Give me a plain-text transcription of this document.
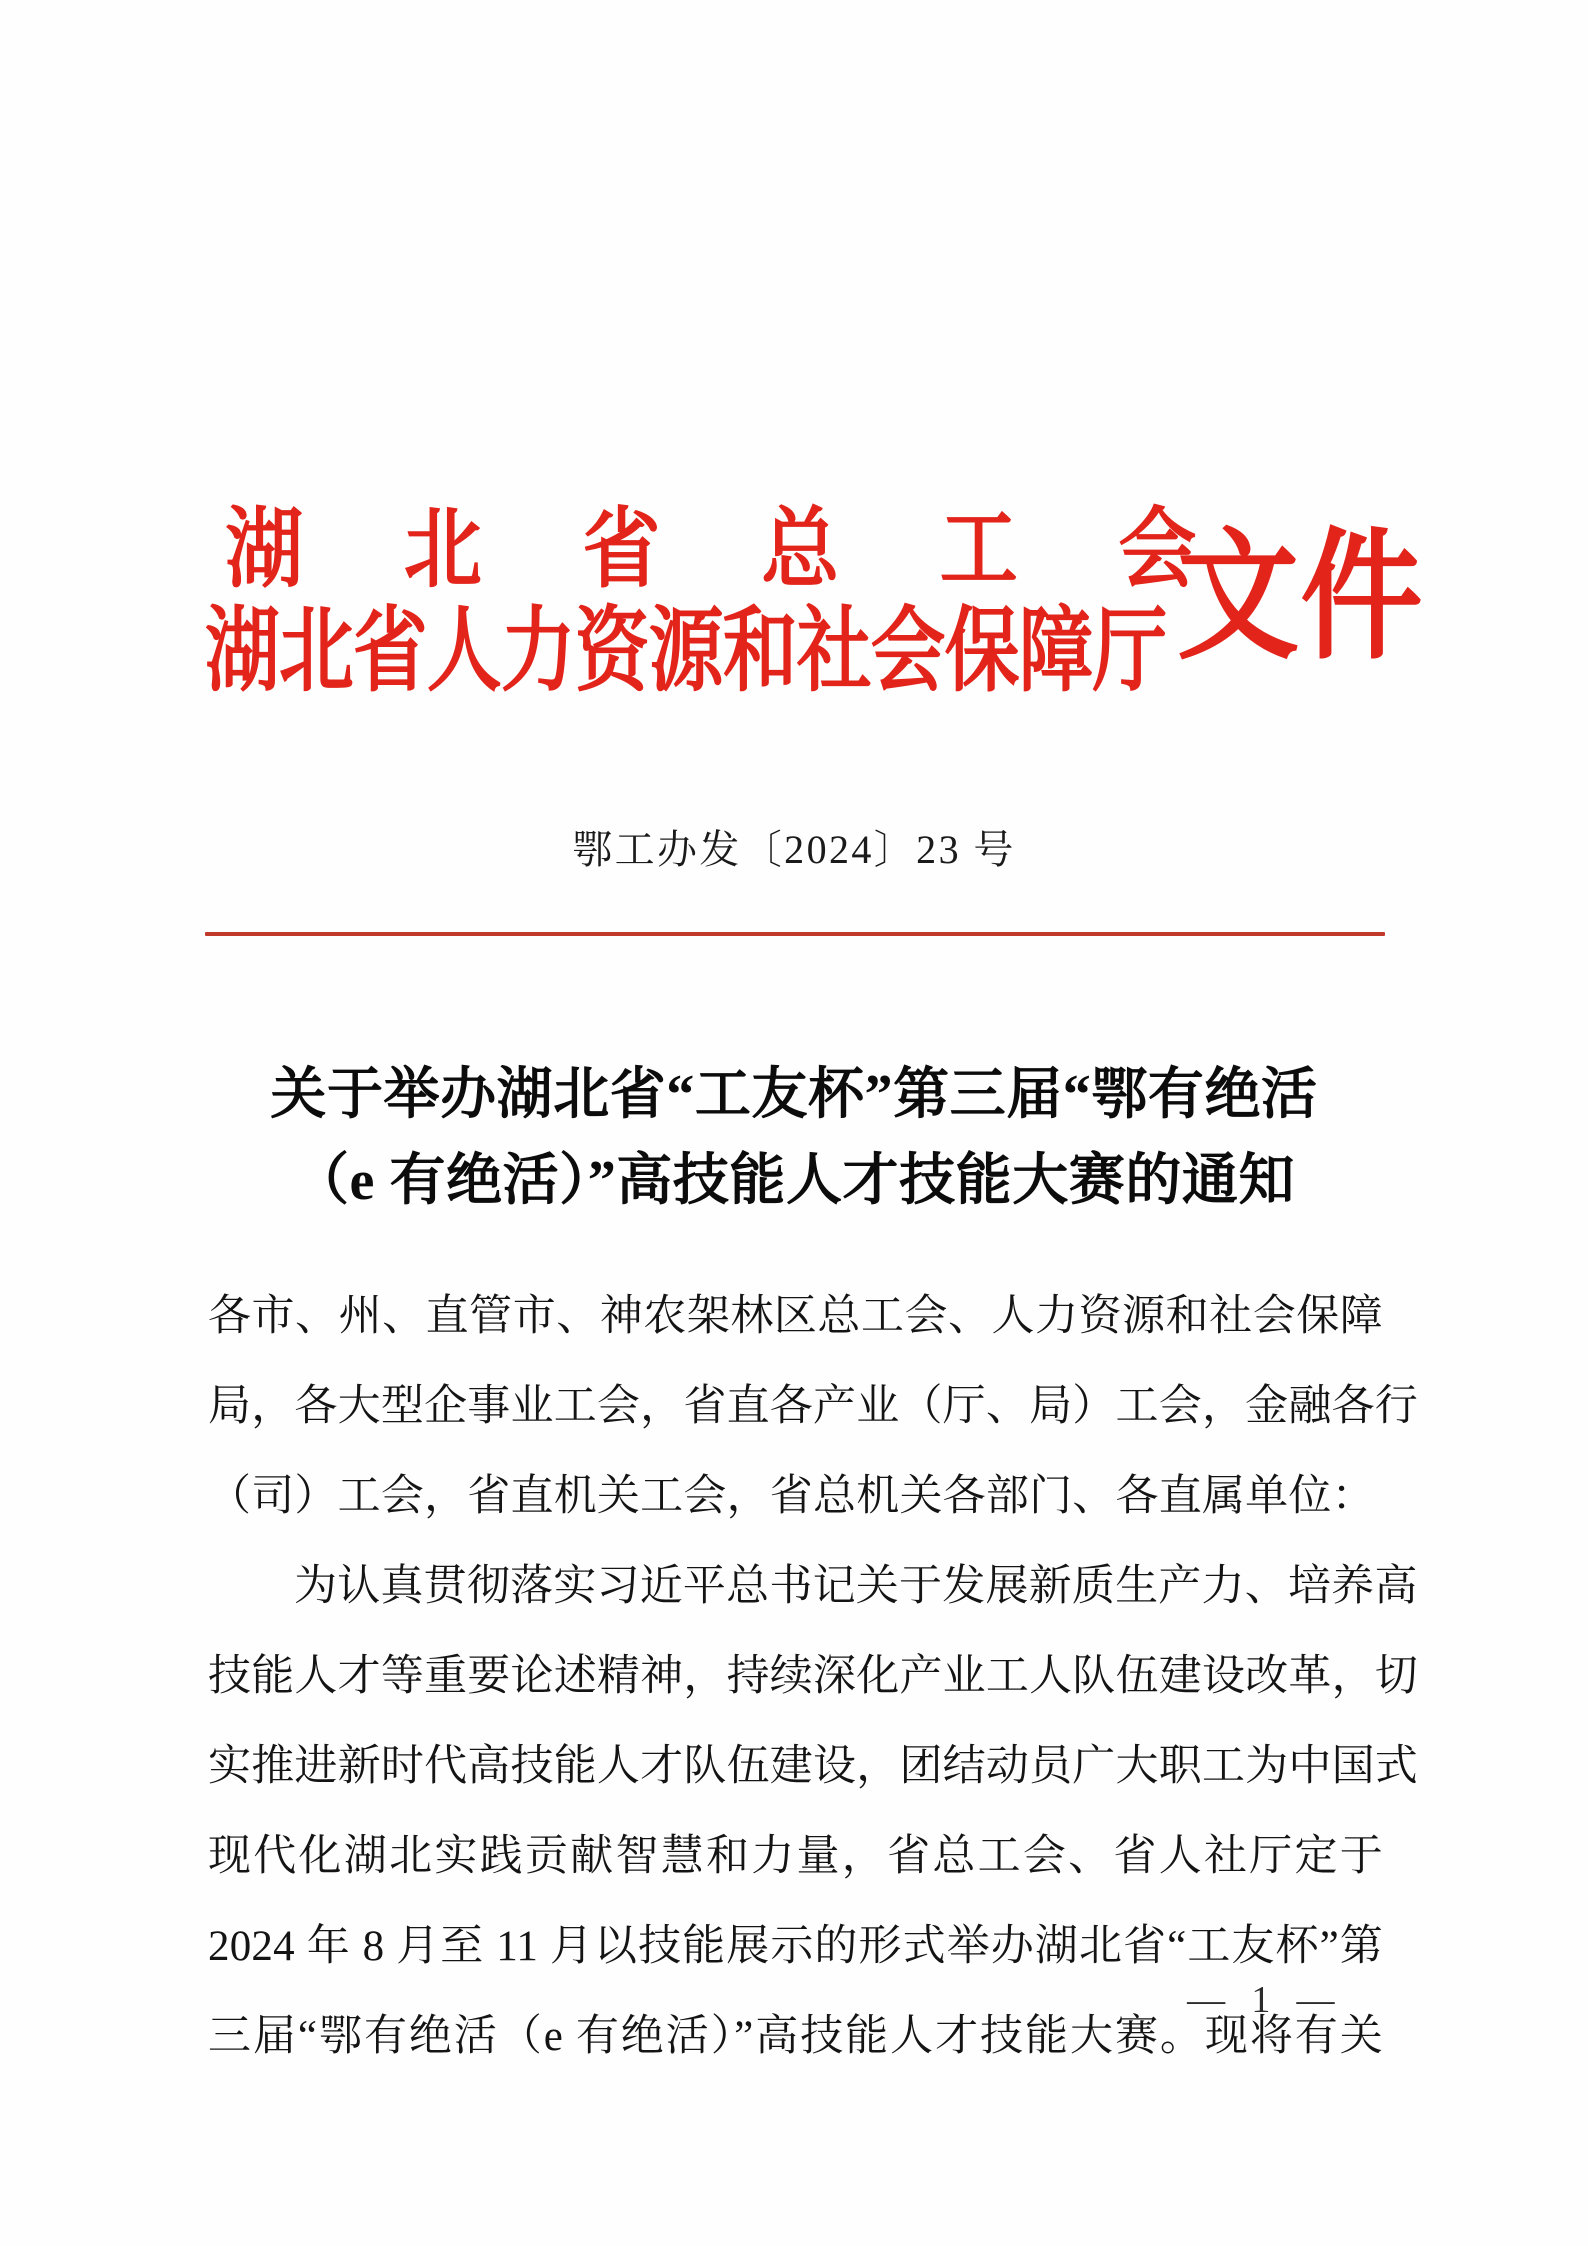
湖 北 省 总 工 会
湖北省人力资源和社会保障厅 文件
鄂工办发〔2024〕23 号
关于举办湖北省“工友杯”第三届“鄂有绝活
（e 有绝活）”高技能人才技能大赛的通知
各市、州、直管市、神农架林区总工会、人力资源和社会保障
局，各大型企事业工会，省直各产业（厅、局）工会，金融各行
（司）工会，省直机关工会，省总机关各部门、各直属单位：
为认真贯彻落实习近平总书记关于发展新质生产力、培养高
技能人才等重要论述精神，持续深化产业工人队伍建设改革，切
实推进新时代高技能人才队伍建设，团结动员广大职工为中国式
现代化湖北实践贡献智慧和力量，省总工会、省人社厅定于
2024 年 8 月至 11 月以技能展示的形式举办湖北省“工友杯”第
三届“鄂有绝活（e 有绝活）”高技能人才技能大赛。现将有关
— 1 —
